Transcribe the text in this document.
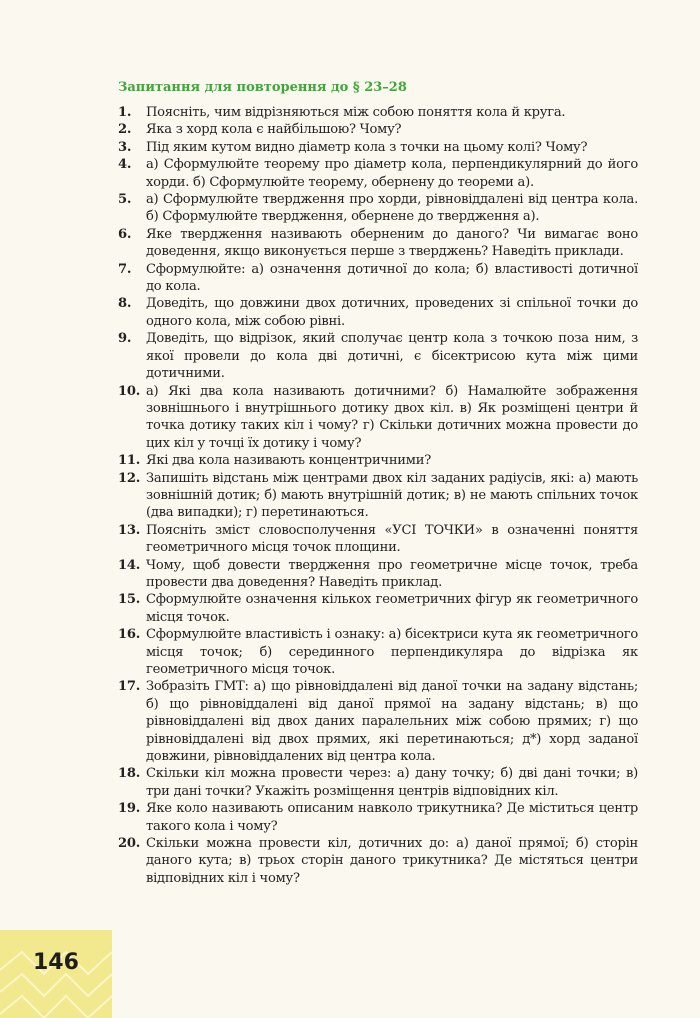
Запитання для повторення до § 23–28
1. Поясніть, чим відрізняються між собою поняття кола й круга.
2. Яка з хорд кола є найбільшою? Чому?
3. Під яким кутом видно діаметр кола з точки на цьому колі? Чому?
4. а) Сформулюйте теорему про діаметр кола, перпендикулярний до його хорди. б) Сформулюйте теорему, обернену до теореми а).
5. а) Сформулюйте твердження про хорди, рівновіддалені від центра кола. б) Сформулюйте твердження, обернене до твердження а).
6. Яке твердження називають оберненим до даного? Чи вимагає воно доведення, якщо виконується перше з тверджень? Наведіть приклади.
7. Сформулюйте: а) означення дотичної до кола; б) властивості дотичної до кола.
8. Доведіть, що довжини двох дотичних, проведених зі спільної точки до одного кола, між собою рівні.
9. Доведіть, що відрізок, який сполучає центр кола з точкою поза ним, з якої провели до кола дві дотичні, є бісектрисою кута між цими дотичними.
10. а) Які два кола називають дотичними? б) Намалюйте зображення зовнішнього і внутрішнього дотику двох кіл. в) Як розміщені центри й точка дотику таких кіл і чому? г) Скільки дотичних можна провести до цих кіл у точці їх дотику і чому?
11. Які два кола називають концентричними?
12. Запишіть відстань між центрами двох кіл заданих радіусів, які: а) мають зовнішній дотик; б) мають внутрішній дотик; в) не мають спільних точок (два випадки); г) перетинаються.
13. Поясніть зміст словосполучення «УСІ ТОЧКИ» в означенні поняття геометричного місця точок площини.
14. Чому, щоб довести твердження про геометричне місце точок, треба провести два доведення? Наведіть приклад.
15. Сформулюйте означення кількох геометричних фігур як геометричного місця точок.
16. Сформулюйте властивість і ознаку: а) бісектриси кута як геометричного місця точок; б) серединного перпендикуляра до відрізка як геометричного місця точок.
17. Зобразіть ГМТ: а) що рівновіддалені від даної точки на задану відстань; б) що рівновіддалені від даної прямої на задану відстань; в) що рівновіддалені від двох даних паралельних між собою прямих; г) що рівновіддалені від двох прямих, які перетинаються; д*) хорд заданої довжини, рівновіддалених від центра кола.
18. Скільки кіл можна провести через: а) дану точку; б) дві дані точки; в) три дані точки? Укажіть розміщення центрів відповідних кіл.
19. Яке коло називають описаним навколо трикутника? Де міститься центр такого кола і чому?
20. Скільки можна провести кіл, дотичних до: а) даної прямої; б) сторін даного кута; в) трьох сторін даного трикутника? Де містяться центри відповідних кіл і чому?
146
